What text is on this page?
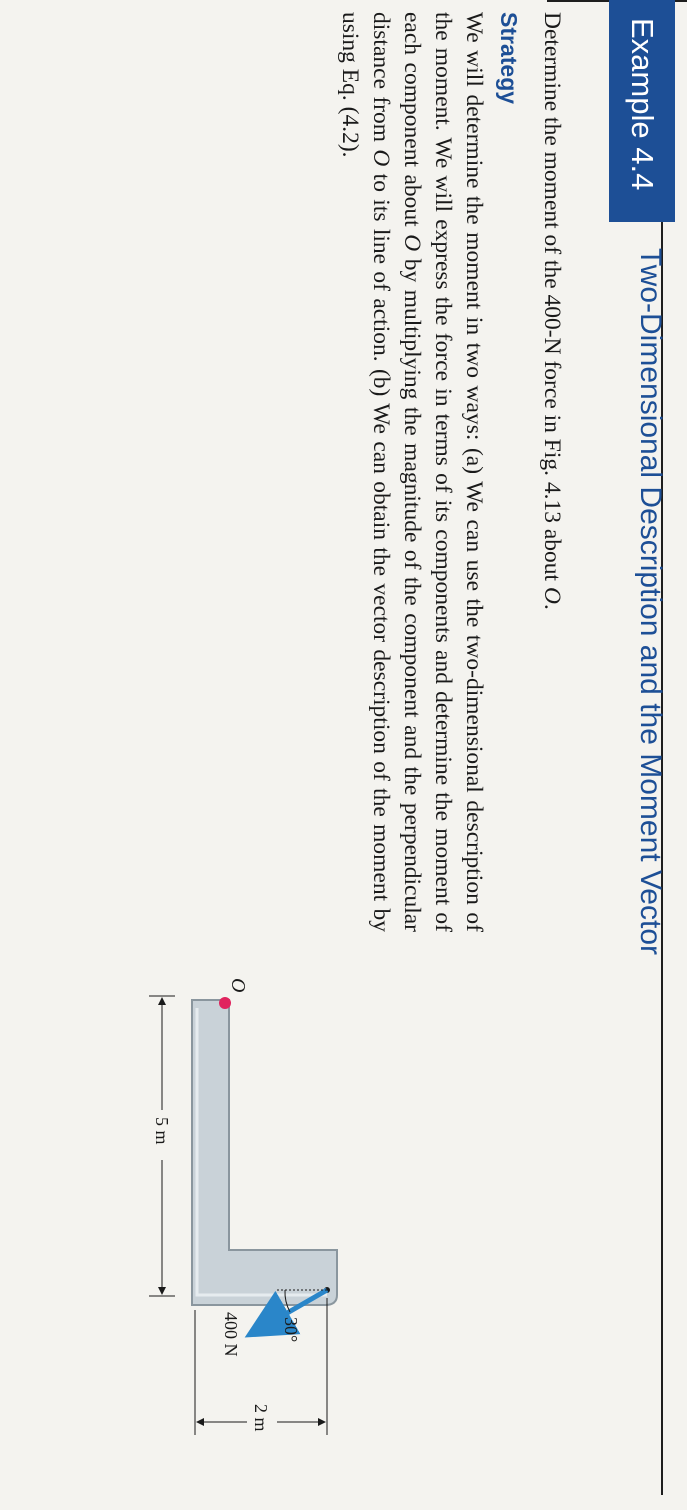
Example 4.4
Two-Dimensional Description and the Moment Vector

Determine the moment of the 400-N force in Fig. 4.13 about O.

Strategy

We will determine the moment in two ways: (a) We can use the two-dimensional description of the moment. We will express the force in terms of its components and determine the moment of each component about O by multiplying the magnitude of the component and the perpendicular distance from O to its line of action. (b) We can obtain the vector description of the moment by using Eq. (4.2).

O
5 m
400 N 30°
2 m
